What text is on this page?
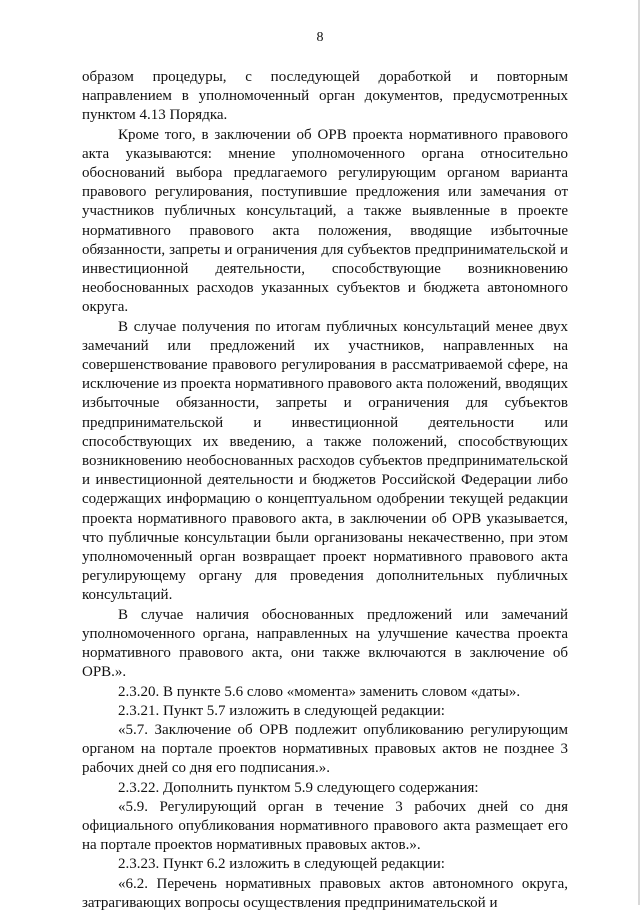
8

образом процедуры, с последующей доработкой и повторным направлением в уполномоченный орган документов, предусмотренных пунктом 4.13 Порядка.

Кроме того, в заключении об ОРВ проекта нормативного правового акта указываются: мнение уполномоченного органа относительно обоснований выбора предлагаемого регулирующим органом варианта правового регулирования, поступившие предложения или замечания от участников публичных консультаций, а также выявленные в проекте нормативного правового акта положения, вводящие избыточные обязанности, запреты и ограничения для субъектов предпринимательской и инвестиционной деятельности, способствующие возникновению необоснованных расходов указанных субъектов и бюджета автономного округа.

В случае получения по итогам публичных консультаций менее двух замечаний или предложений их участников, направленных на совершенствование правового регулирования в рассматриваемой сфере, на исключение из проекта нормативного правового акта положений, вводящих избыточные обязанности, запреты и ограничения для субъектов предпринимательской и инвестиционной деятельности или способствующих их введению, а также положений, способствующих возникновению необоснованных расходов субъектов предпринимательской и инвестиционной деятельности и бюджетов Российской Федерации либо содержащих информацию о концептуальном одобрении текущей редакции проекта нормативного правового акта, в заключении об ОРВ указывается, что публичные консультации были организованы некачественно, при этом уполномоченный орган возвращает проект нормативного правового акта регулирующему органу для проведения дополнительных публичных консультаций.

В случае наличия обоснованных предложений или замечаний уполномоченного органа, направленных на улучшение качества проекта нормативного правового акта, они также включаются в заключение об ОРВ.».

2.3.20. В пункте 5.6 слово «момента» заменить словом «даты».

2.3.21. Пункт 5.7 изложить в следующей редакции:

«5.7. Заключение об ОРВ подлежит опубликованию регулирующим органом на портале проектов нормативных правовых актов не позднее 3 рабочих дней со дня его подписания.».

2.3.22. Дополнить пунктом 5.9 следующего содержания:

«5.9. Регулирующий орган в течение 3 рабочих дней со дня официального опубликования нормативного правового акта размещает его на портале проектов нормативных правовых актов.».

2.3.23. Пункт 6.2 изложить в следующей редакции:

«6.2. Перечень нормативных правовых актов автономного округа, затрагивающих вопросы осуществления предпринимательской и
